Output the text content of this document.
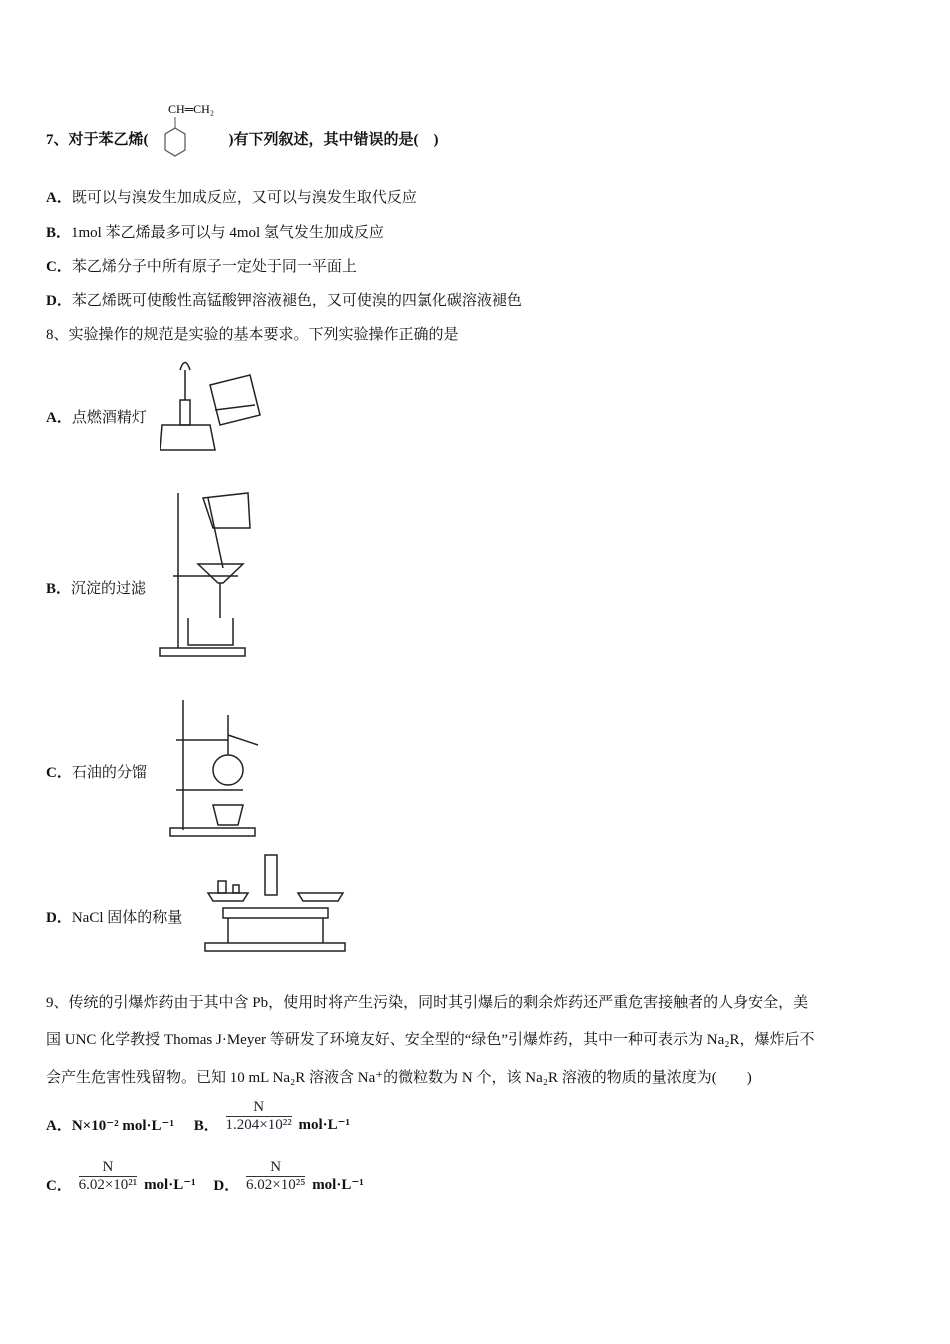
7、对于苯乙烯(	)有下列叙述，其中错误的是(　)
CH═CH₂
A．既可以与溴发生加成反应，又可以与溴发生取代反应
B．1mol 苯乙烯最多可以与 4mol 氢气发生加成反应
C．苯乙烯分子中所有原子一定处于同一平面上
D．苯乙烯既可使酸性高锰酸钾溶液褪色，又可使溴的四氯化碳溶液褪色
8、实验操作的规范是实验的基本要求。下列实验操作正确的是
A．点燃酒精灯
B．沉淀的过滤
C．石油的分馏
D．NaCl 固体的称量
9、传统的引爆炸药由于其中含 Pb，使用时将产生污染，同时其引爆后的剩余炸药还严重危害接触者的人身安全，美
国 UNC 化学教授 Thomas J·Meyer 等研发了环境友好、安全型的“绿色”引爆炸药，其中一种可表示为 Na₂R，爆炸后不
会产生危害性残留物。已知 10 mL Na₂R 溶液含 Na⁺的微粒数为 N 个，该 Na₂R 溶液的物质的量浓度为(　　)
A．N×10⁻² mol·L⁻¹ B． $\frac{N}{\text{1.204×10²²}} mol\cdot L^{-1}$
C． $\frac{N}{\text{6.02×10²¹}} mol\cdot L^{-1}$ D． $\frac{N}{\text{6.02×10²⁵}} mol\cdot L^{-1}$
